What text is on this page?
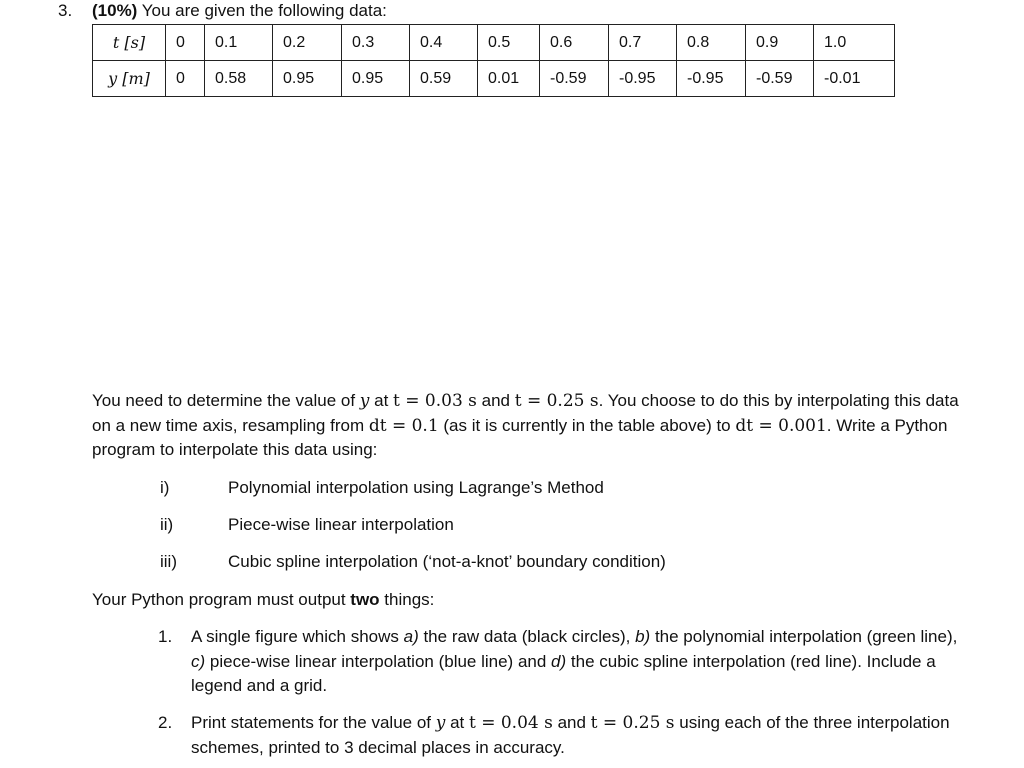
3. (10%) You are given the following data:
t [s]	0	0.1	0.2	0.3	0.4	0.5	0.6	0.7	0.8	0.9	1.0
y [m]	0	0.58	0.95	0.95	0.59	0.01	-0.59	-0.95	-0.95	-0.59	-0.01
You need to determine the value of y at t = 0.03 s and t = 0.25 s. You choose to do this by interpolating this data on a new time axis, resampling from dt = 0.1 (as it is currently in the table above) to dt = 0.001. Write a Python program to interpolate this data using:
i)	Polynomial interpolation using Lagrange’s Method
ii)	Piece-wise linear interpolation
iii)	Cubic spline interpolation (‘not-a-knot’ boundary condition)
Your Python program must output two things:
1.	A single figure which shows a) the raw data (black circles), b) the polynomial interpolation (green line), c) piece-wise linear interpolation (blue line) and d) the cubic spline interpolation (red line). Include a legend and a grid.
2.	Print statements for the value of y at t = 0.04 s and t = 0.25 s using each of the three interpolation schemes, printed to 3 decimal places in accuracy.
